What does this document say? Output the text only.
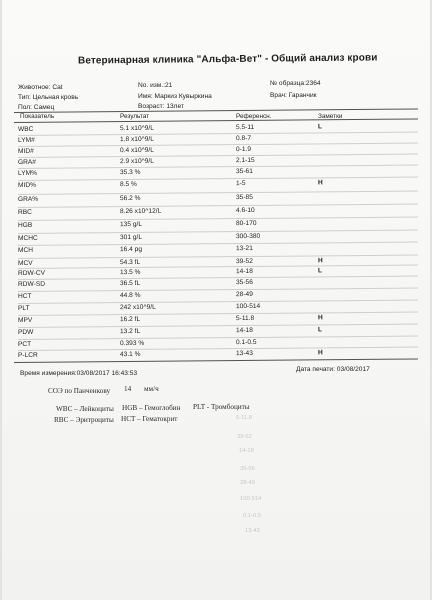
Ветеринарная клиника "Альфа-Вет" - Общий анализ крови
Животное: Cat
Тип: Цельная кровь
Пол: Самец
No. изм.:21
Имя: Маркиз Кувыркина
Возраст: 13лет
№ образца:2364
Врач: Гаранчик
Показатель	Результат	Референсн.	Заметки
WBC	5.1 x10^9/L	5.5-11	L
LYM#	1.8 x10^9/L	0.8-7
MID#	0.4 x10^9/L	0-1.9
GRA#	2.9 x10^9/L	2.1-15
LYM%	35.3 %	35-61
MID%	8.5 %	1-5	H
GRA%	56.2 %	35-85
RBC	8.26 x10^12/L	4.6-10
HGB	135 g/L	80-170
MCHC	301 g/L	300-380
MCH	16.4 pg	13-21
MCV	54.3 fL	39-52	H
RDW-CV	13.5 %	14-18	L
RDW-SD	36.5 fL	35-56
HCT	44.8 %	28-49
PLT	242 x10^9/L	100-514
MPV	16.2 fL	5-11.8	H
PDW	13.2 fL	14-18	L
PCT	0.393 %	0.1-0.5
P-LCR	43.1 %	13-43	H
Время измерения:03/08/2017 16:43:53
Дата печати: 03/08/2017
СОЭ по Панченкову 14 мм/ч
WBC – Лейкоциты HGB – Гемоглобин PLT - Тромбоциты
RBC – Эритроциты HCT – Гематокрит	5-11.8
39-52
14-18
35-56
28-49
100-514
0.1-0.5
13-43
